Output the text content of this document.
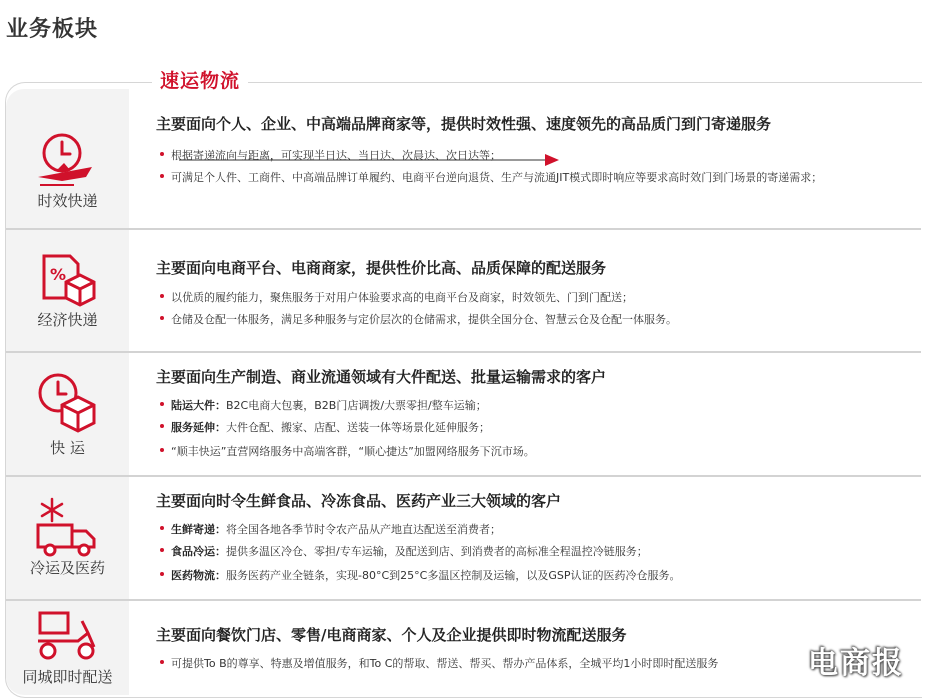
业务板块
速运物流
时效快递
主要面向个人、企业、中高端品牌商家等，提供时效性强、速度领先的高品质门到门寄递服务
根据寄递流向与距离，可实现半日达、当日达、次晨达、次日达等；
可满足个人件、工商件、中高端品牌订单履约、电商平台逆向退货、生产与流通JIT模式即时响应等要求高时效门到门场景的寄递需求；
%
经济快递
主要面向电商平台、电商商家，提供性价比高、品质保障的配送服务
以优质的履约能力，聚焦服务于对用户体验要求高的电商平台及商家，时效领先、门到门配送；
仓储及仓配一体服务，满足多种服务与定价层次的仓储需求，提供全国分仓、智慧云仓及仓配一体服务。
快 运
主要面向生产制造、商业流通领域有大件配送、批量运输需求的客户
陆运大件：B2C电商大包裹，B2B门店调拨/大票零担/整车运输；
服务延伸：大件仓配、搬家、店配、送装一体等场景化延伸服务；
“顺丰快运”直营网络服务中高端客群，“顺心捷达”加盟网络服务下沉市场。
冷运及医药
主要面向时令生鲜食品、冷冻食品、医药产业三大领域的客户
生鲜寄递：将全国各地各季节时令农产品从产地直达配送至消费者；
食品冷运：提供多温区冷仓、零担/专车运输，及配送到店、到消费者的高标准全程温控冷链服务；
医药物流：服务医药产业全链条，实现-80°C到25°C多温区控制及运输，以及GSP认证的医药冷仓服务。
同城即时配送
主要面向餐饮门店、零售/电商商家、个人及企业提供即时物流配送服务
可提供To B的尊享、特惠及增值服务，和To C的帮取、帮送、帮买、帮办产品体系，全城平均1小时即时配送服务	电商报
